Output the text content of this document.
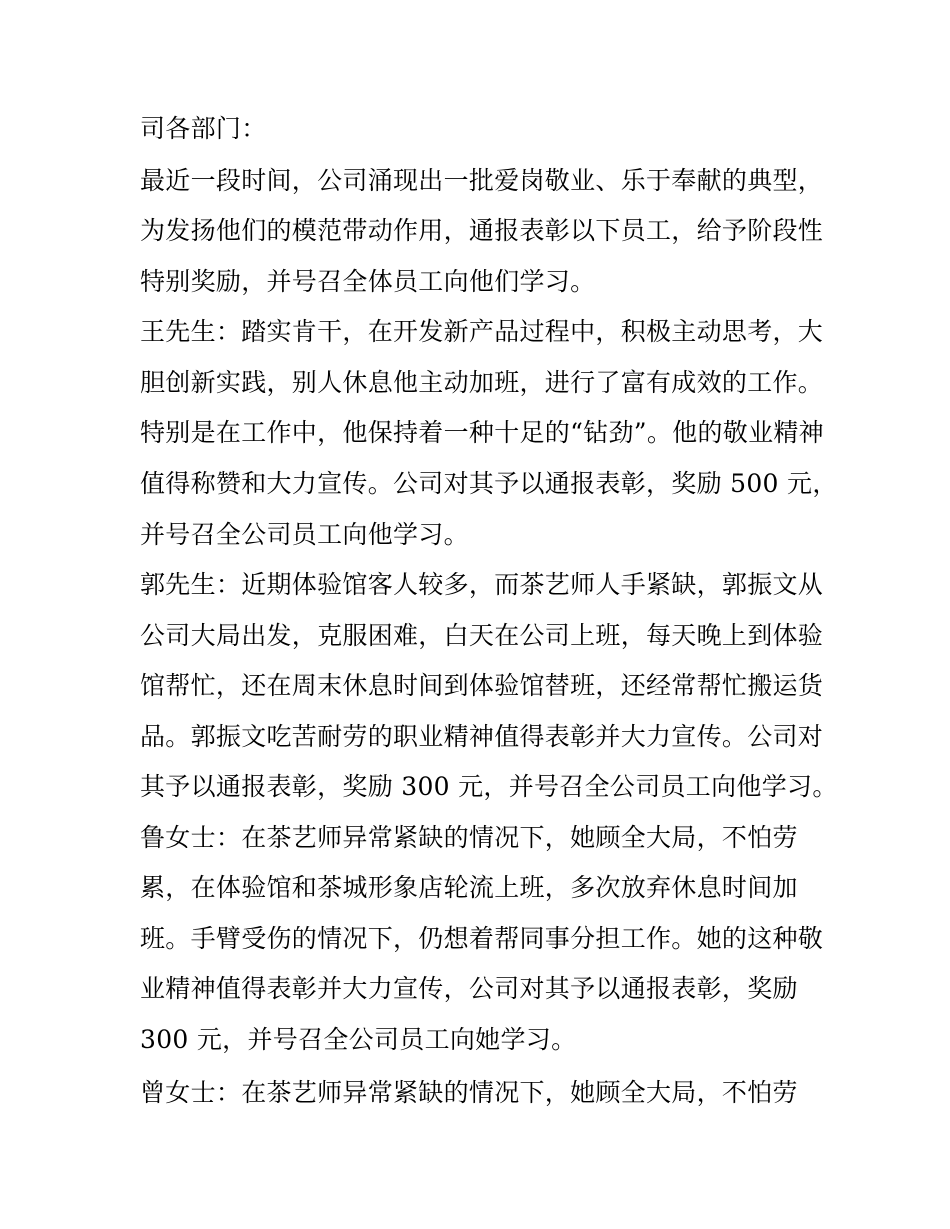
司各部门：
最近一段时间，公司涌现出一批爱岗敬业、乐于奉献的典型，
为发扬他们的模范带动作用，通报表彰以下员工，给予阶段性
特别奖励，并号召全体员工向他们学习。
王先生：踏实肯干，在开发新产品过程中，积极主动思考，大
胆创新实践，别人休息他主动加班，进行了富有成效的工作。
特别是在工作中，他保持着一种十足的“钻劲”。他的敬业精神
值得称赞和大力宣传。公司对其予以通报表彰，奖励 500 元，
并号召全公司员工向他学习。
郭先生：近期体验馆客人较多，而茶艺师人手紧缺，郭振文从
公司大局出发，克服困难，白天在公司上班，每天晚上到体验
馆帮忙，还在周末休息时间到体验馆替班，还经常帮忙搬运货
品。郭振文吃苦耐劳的职业精神值得表彰并大力宣传。公司对
其予以通报表彰，奖励 300 元，并号召全公司员工向他学习。
鲁女士：在茶艺师异常紧缺的情况下，她顾全大局，不怕劳
累，在体验馆和茶城形象店轮流上班，多次放弃休息时间加
班。手臂受伤的情况下，仍想着帮同事分担工作。她的这种敬
业精神值得表彰并大力宣传，公司对其予以通报表彰，奖励
300 元，并号召全公司员工向她学习。
曾女士：在茶艺师异常紧缺的情况下，她顾全大局，不怕劳
